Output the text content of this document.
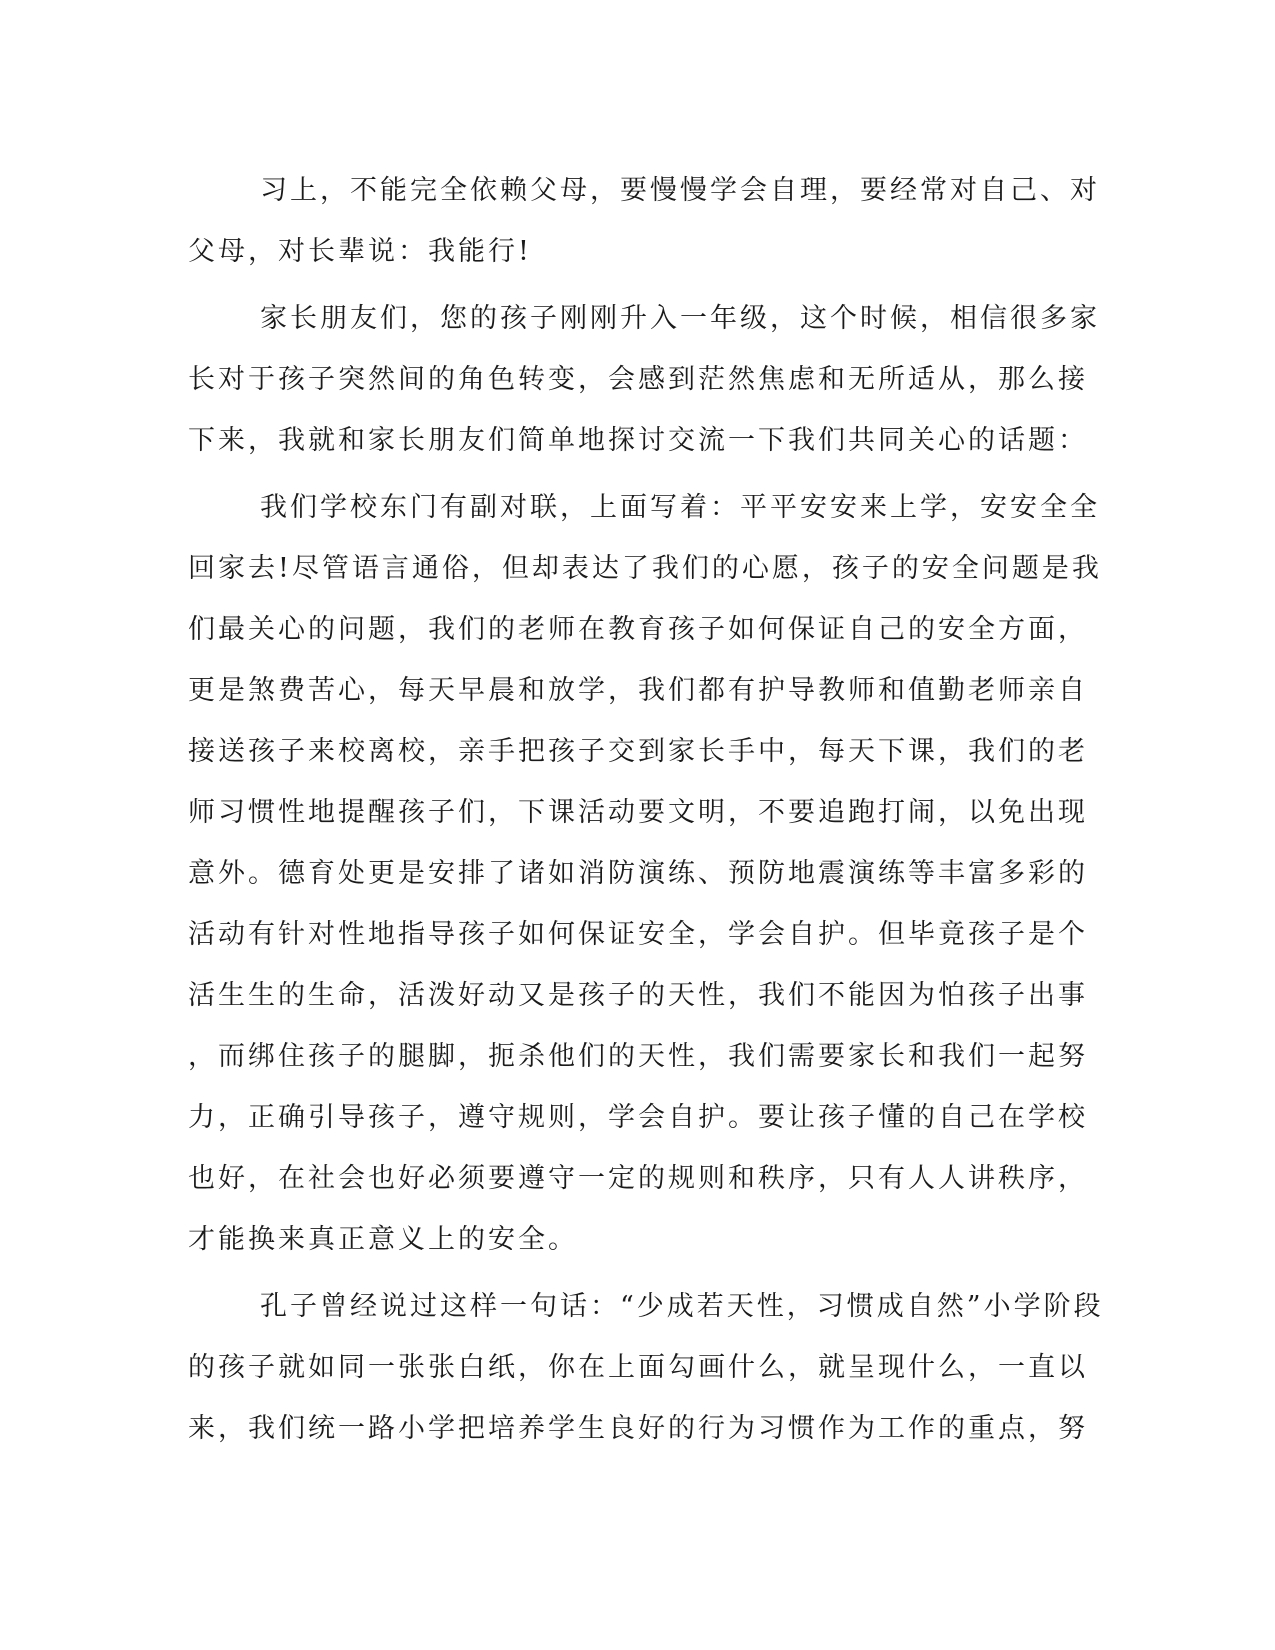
习上，不能完全依赖父母，要慢慢学会自理，要经常对自己、对
父母，对长辈说：我能行!
家长朋友们，您的孩子刚刚升入一年级，这个时候，相信很多家
长对于孩子突然间的角色转变，会感到茫然焦虑和无所适从，那么接
下来，我就和家长朋友们简单地探讨交流一下我们共同关心的话题：
我们学校东门有副对联，上面写着：平平安安来上学，安安全全
回家去!尽管语言通俗，但却表达了我们的心愿，孩子的安全问题是我
们最关心的问题，我们的老师在教育孩子如何保证自己的安全方面，
更是煞费苦心，每天早晨和放学，我们都有护导教师和值勤老师亲自
接送孩子来校离校，亲手把孩子交到家长手中，每天下课，我们的老
师习惯性地提醒孩子们，下课活动要文明，不要追跑打闹，以免出现
意外。德育处更是安排了诸如消防演练、预防地震演练等丰富多彩的
活动有针对性地指导孩子如何保证安全，学会自护。但毕竟孩子是个
活生生的生命，活泼好动又是孩子的天性，我们不能因为怕孩子出事
，而绑住孩子的腿脚，扼杀他们的天性，我们需要家长和我们一起努
力，正确引导孩子，遵守规则，学会自护。要让孩子懂的自己在学校
也好，在社会也好必须要遵守一定的规则和秩序，只有人人讲秩序，
才能换来真正意义上的安全。
孔子曾经说过这样一句话：“少成若天性，习惯成自然”小学阶段
的孩子就如同一张张白纸，你在上面勾画什么，就呈现什么，一直以
来，我们统一路小学把培养学生良好的行为习惯作为工作的重点，努
